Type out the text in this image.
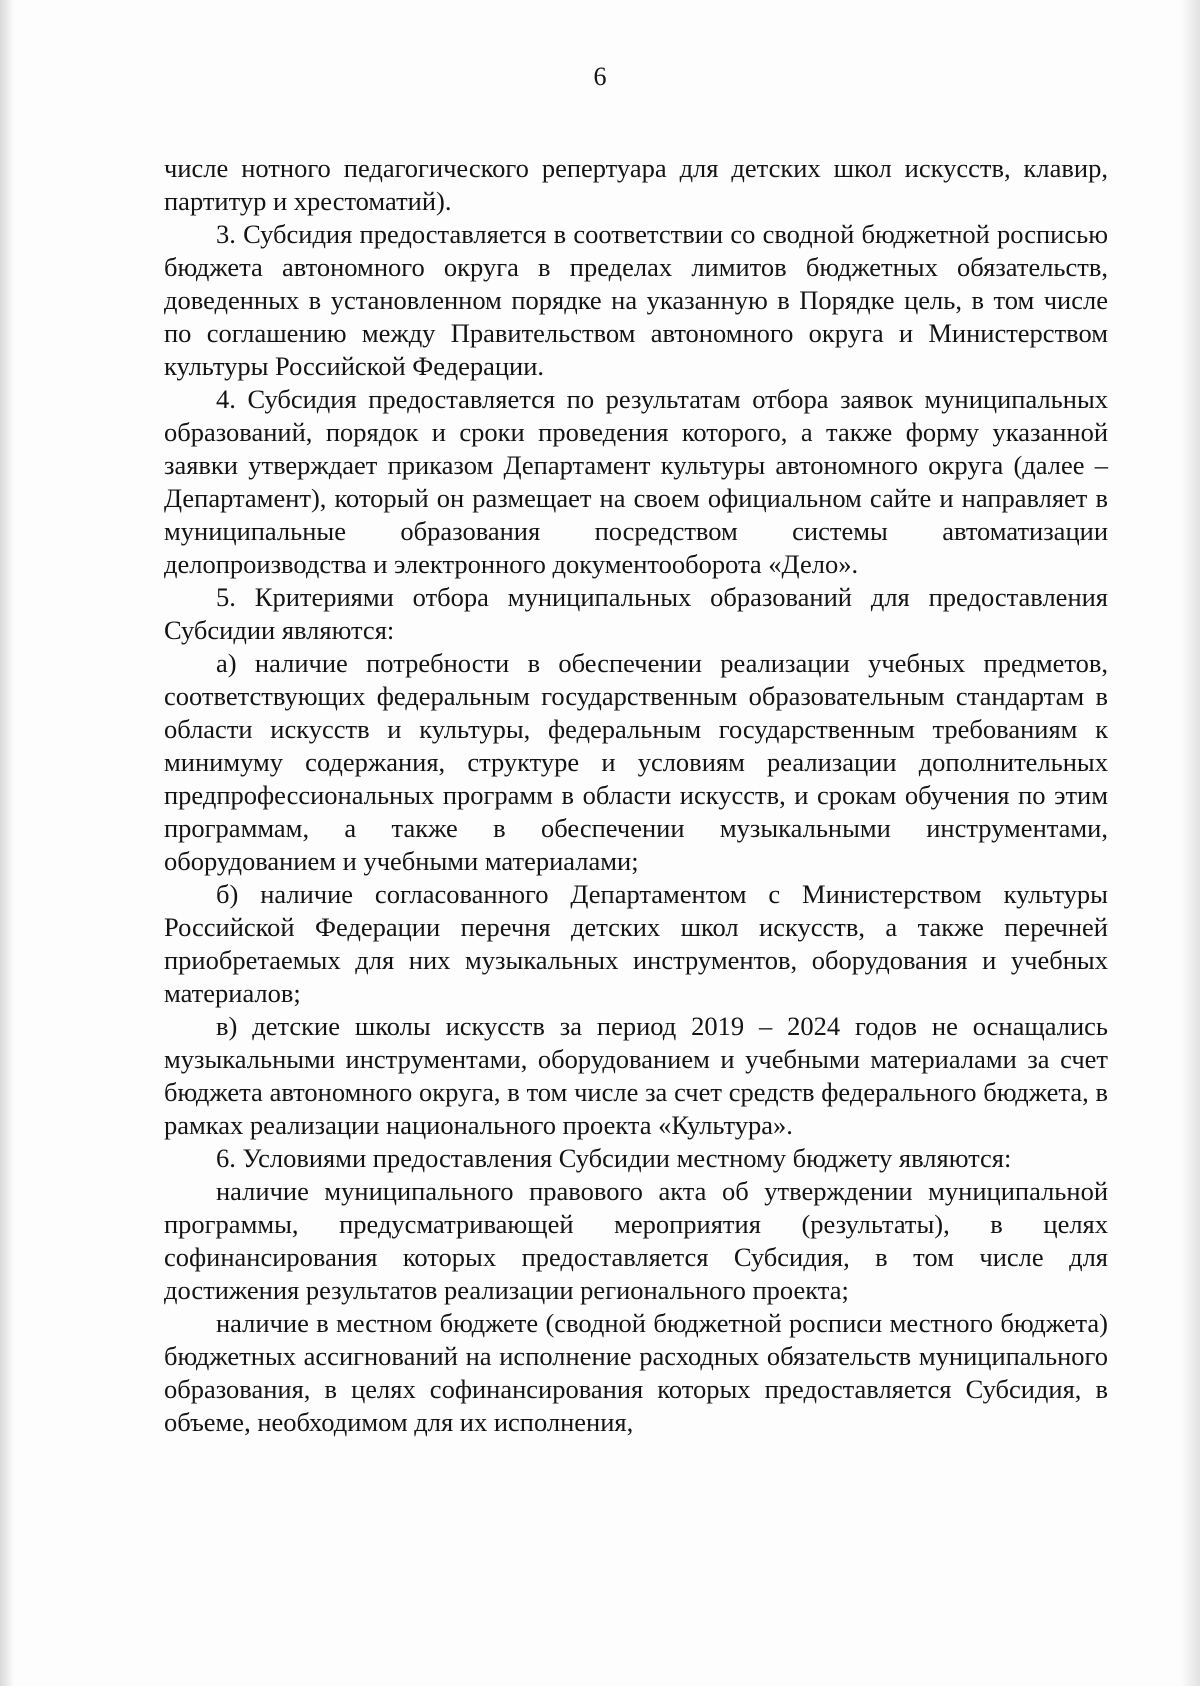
6

числе нотного педагогического репертуара для детских школ искусств, клавир, партитур и хрестоматий).

3. Субсидия предоставляется в соответствии со сводной бюджетной росписью бюджета автономного округа в пределах лимитов бюджетных обязательств, доведенных в установленном порядке на указанную в Порядке цель, в том числе по соглашению между Правительством автономного округа и Министерством культуры Российской Федерации.

4. Субсидия предоставляется по результатам отбора заявок муниципальных образований, порядок и сроки проведения которого, а также форму указанной заявки утверждает приказом Департамент культуры автономного округа (далее – Департамент), который он размещает на своем официальном сайте и направляет в муниципальные образования посредством системы автоматизации делопроизводства и электронного документооборота «Дело».

5. Критериями отбора муниципальных образований для предоставления Субсидии являются:

а) наличие потребности в обеспечении реализации учебных предметов, соответствующих федеральным государственным образовательным стандартам в области искусств и культуры, федеральным государственным требованиям к минимуму содержания, структуре и условиям реализации дополнительных предпрофессиональных программ в области искусств, и срокам обучения по этим программам, а также в обеспечении музыкальными инструментами, оборудованием и учебными материалами;

б) наличие согласованного Департаментом с Министерством культуры Российской Федерации перечня детских школ искусств, а также перечней приобретаемых для них музыкальных инструментов, оборудования и учебных материалов;

в) детские школы искусств за период 2019 – 2024 годов не оснащались музыкальными инструментами, оборудованием и учебными материалами за счет бюджета автономного округа, в том числе за счет средств федерального бюджета, в рамках реализации национального проекта «Культура».

6. Условиями предоставления Субсидии местному бюджету являются:

наличие муниципального правового акта об утверждении муниципальной программы, предусматривающей мероприятия (результаты), в целях софинансирования которых предоставляется Субсидия, в том числе для достижения результатов реализации регионального проекта;

наличие в местном бюджете (сводной бюджетной росписи местного бюджета) бюджетных ассигнований на исполнение расходных обязательств муниципального образования, в целях софинансирования которых предоставляется Субсидия, в объеме, необходимом для их исполнения,
